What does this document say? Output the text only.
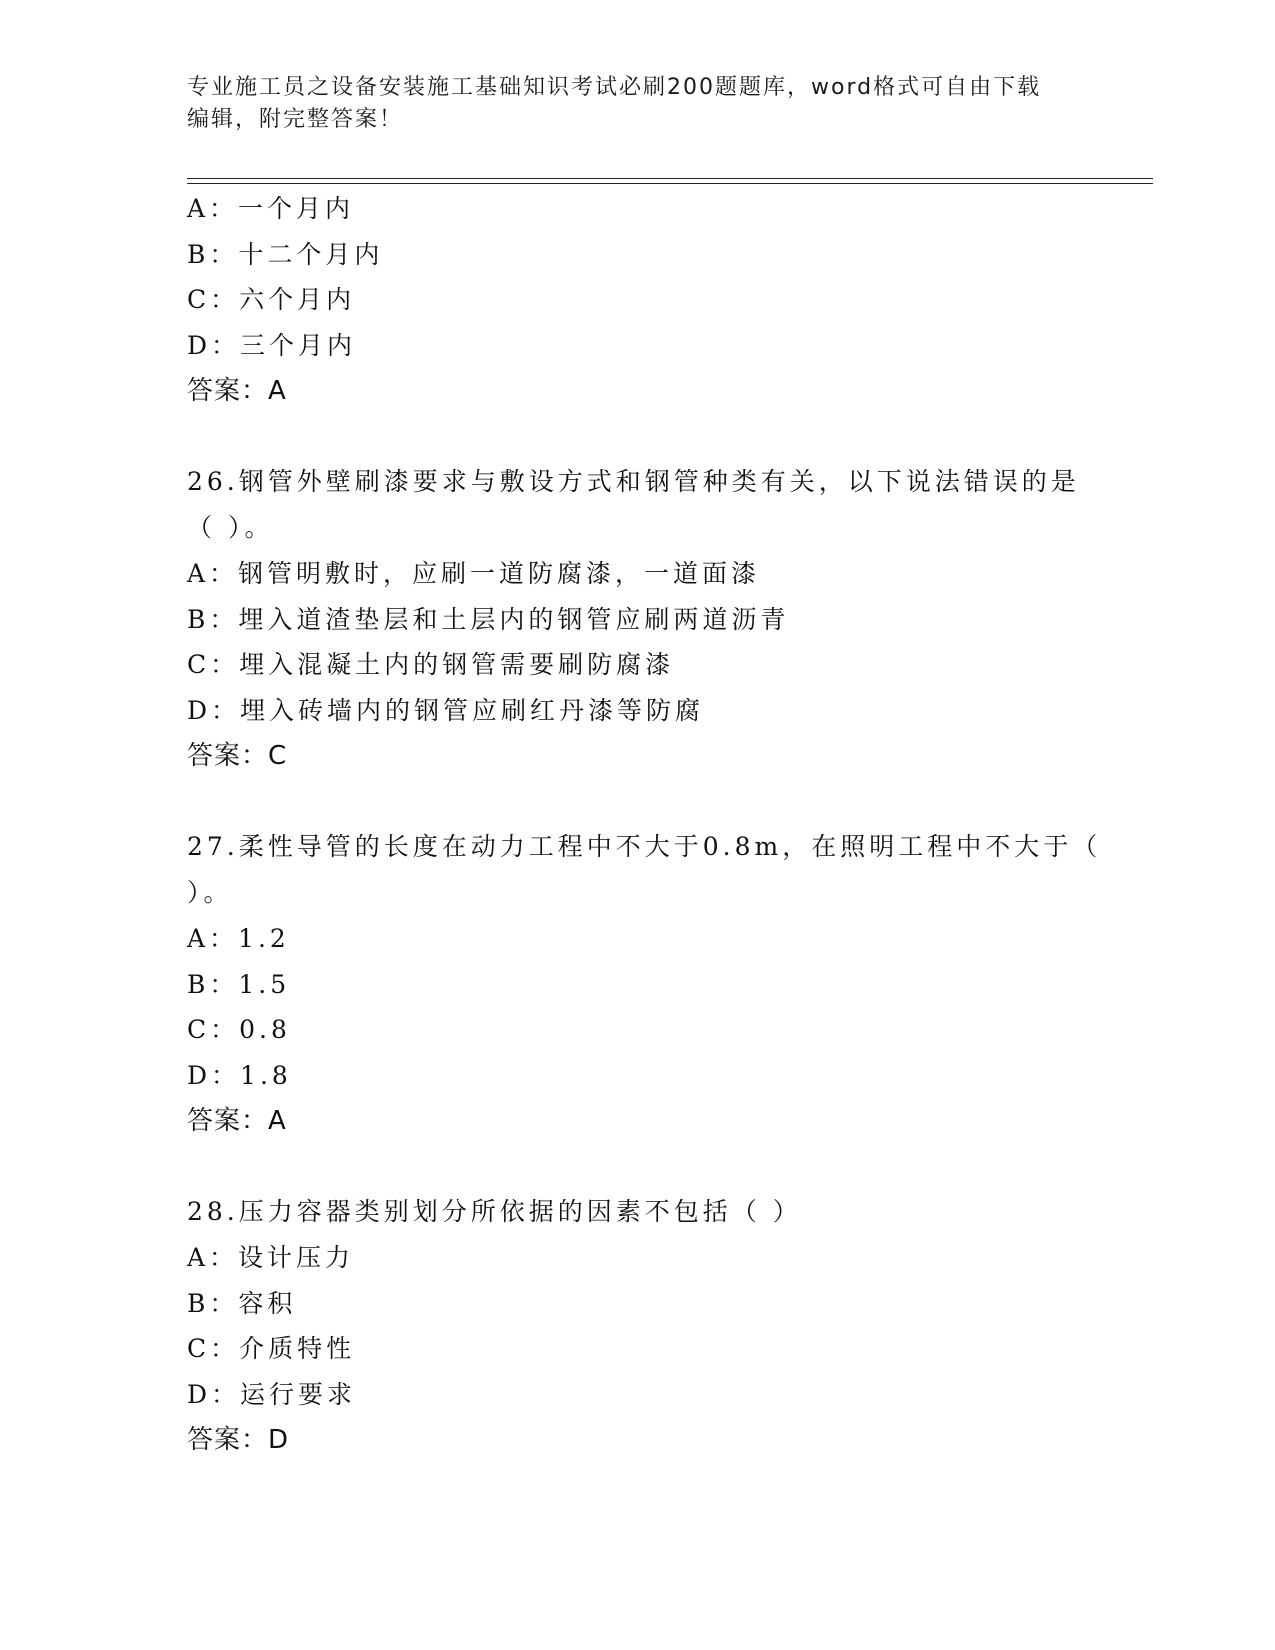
专业施工员之设备安装施工基础知识考试必刷200题题库，word格式可自由下载
编辑，附完整答案！
A：一个月内
B：十二个月内
C：六个月内
D：三个月内
答案：A
26.钢管外壁刷漆要求与敷设方式和钢管种类有关，以下说法错误的是
（ ）。
A：钢管明敷时，应刷一道防腐漆，一道面漆
B：埋入道渣垫层和土层内的钢管应刷两道沥青
C：埋入混凝土内的钢管需要刷防腐漆
D：埋入砖墙内的钢管应刷红丹漆等防腐
答案：C
27.柔性导管的长度在动力工程中不大于0.8m，在照明工程中不大于（
）。
A：1.2
B：1.5
C：0.8
D：1.8
答案：A
28.压力容器类别划分所依据的因素不包括（ ）
A：设计压力
B：容积
C：介质特性
D：运行要求
答案：D
